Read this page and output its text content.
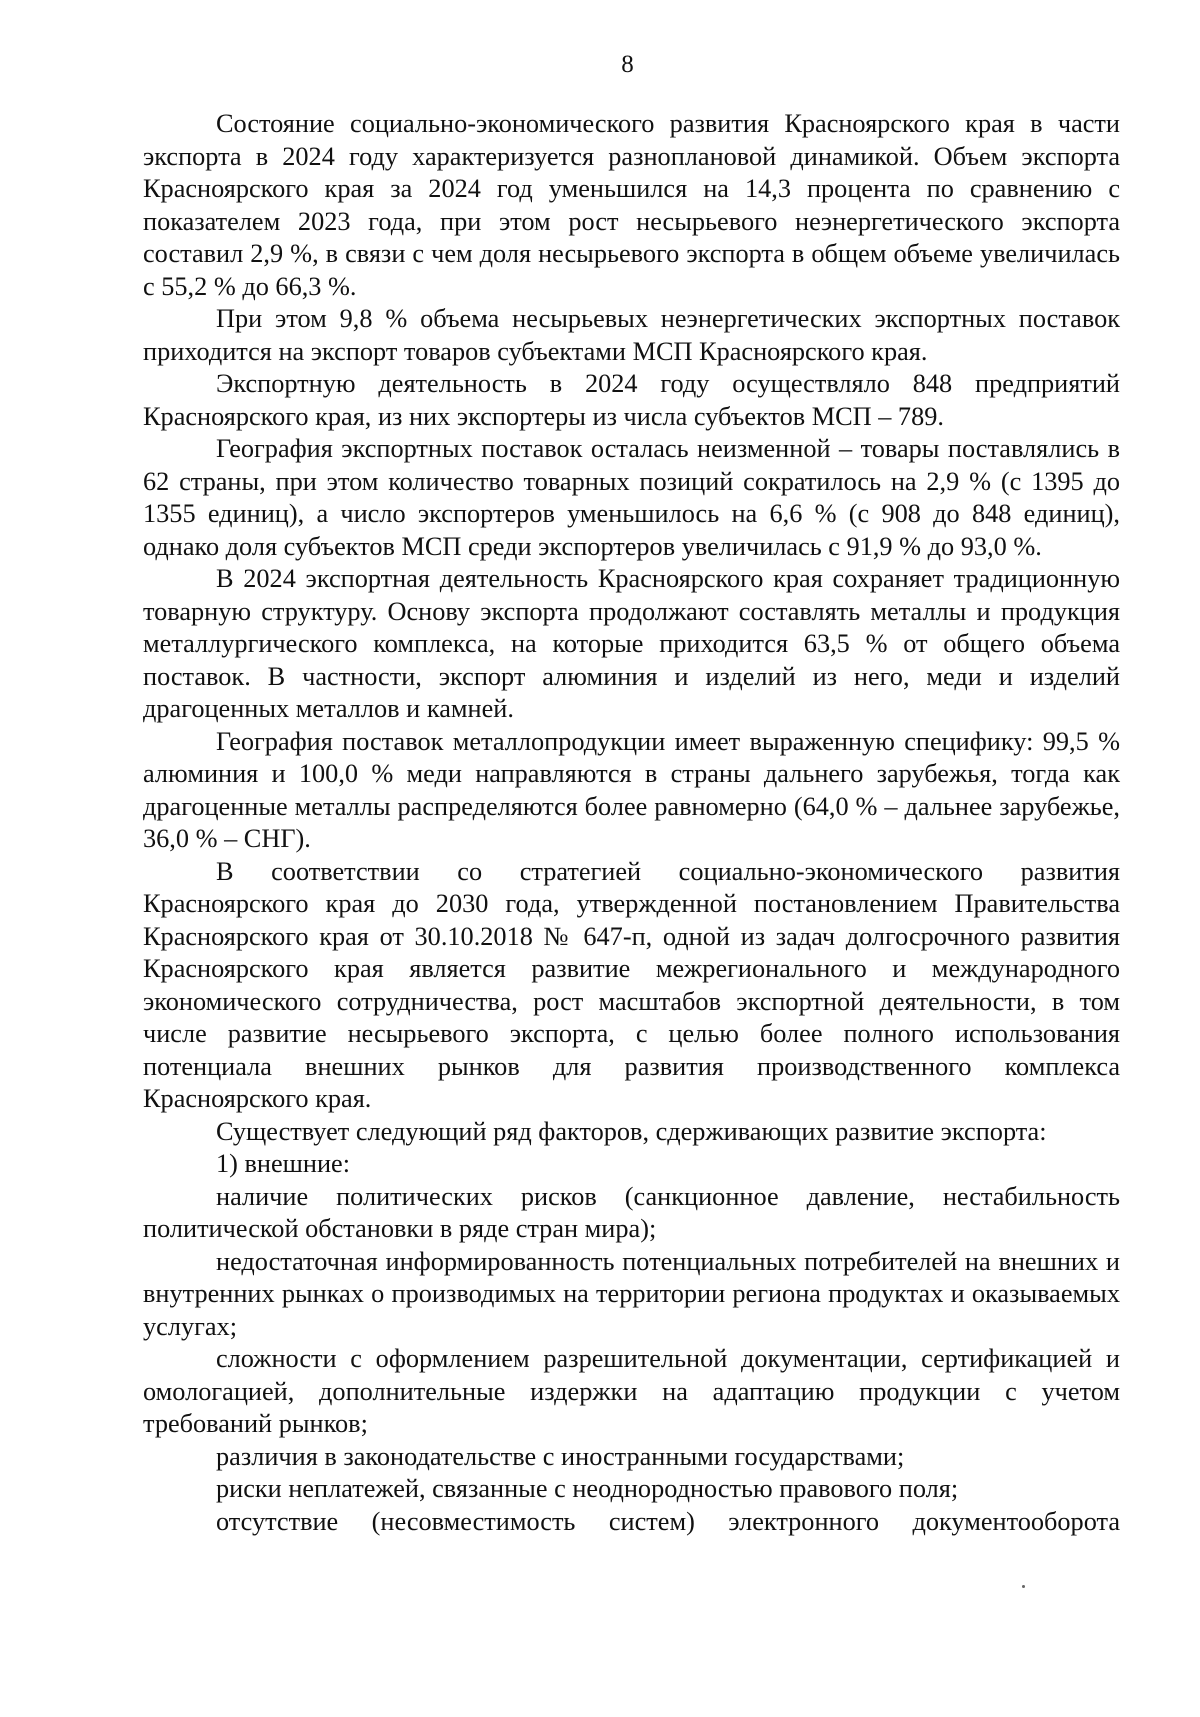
8

Состояние социально-экономического развития Красноярского края в части экспорта в 2024 году характеризуется разноплановой динамикой. Объем экспорта Красноярского края за 2024 год уменьшился на 14,3 процента по сравнению с показателем 2023 года, при этом рост несырьевого неэнергетического экспорта составил 2,9 %, в связи с чем доля несырьевого экспорта в общем объеме увеличилась с 55,2 % до 66,3 %.

При этом 9,8 % объема несырьевых неэнергетических экспортных поставок приходится на экспорт товаров субъектами МСП Красноярского края.

Экспортную деятельность в 2024 году осуществляло 848 предприятий Красноярского края, из них экспортеры из числа субъектов МСП – 789.

География экспортных поставок осталась неизменной – товары поставлялись в 62 страны, при этом количество товарных позиций сократилось на 2,9 % (с 1395 до 1355 единиц), а число экспортеров уменьшилось на 6,6 % (с 908 до 848 единиц), однако доля субъектов МСП среди экспортеров увеличилась с 91,9 % до 93,0 %.

В 2024 экспортная деятельность Красноярского края сохраняет традиционную товарную структуру. Основу экспорта продолжают составлять металлы и продукция металлургического комплекса, на которые приходится 63,5 % от общего объема поставок. В частности, экспорт алюминия и изделий из него, меди и изделий драгоценных металлов и камней.

География поставок металлопродукции имеет выраженную специфику: 99,5 % алюминия и 100,0 % меди направляются в страны дальнего зарубежья, тогда как драгоценные металлы распределяются более равномерно (64,0 % – дальнее зарубежье, 36,0 % – СНГ).

В соответствии со стратегией социально-экономического развития Красноярского края до 2030 года, утвержденной постановлением Правительства Красноярского края от 30.10.2018 № 647-п, одной из задач долгосрочного развития Красноярского края является развитие межрегионального и международного экономического сотрудничества, рост масштабов экспортной деятельности, в том числе развитие несырьевого экспорта, с целью более полного использования потенциала внешних рынков для развития производственного комплекса Красноярского края.

Существует следующий ряд факторов, сдерживающих развитие экспорта:

1) внешние:

наличие политических рисков (санкционное давление, нестабильность политической обстановки в ряде стран мира);

недостаточная информированность потенциальных потребителей на внешних и внутренних рынках о производимых на территории региона продуктах и оказываемых услугах;

сложности с оформлением разрешительной документации, сертификацией и омологацией, дополнительные издержки на адаптацию продукции с учетом требований рынков;

различия в законодательстве с иностранными государствами;

риски неплатежей, связанные с неоднородностью правового поля;

отсутствие (несовместимость систем) электронного документооборота
